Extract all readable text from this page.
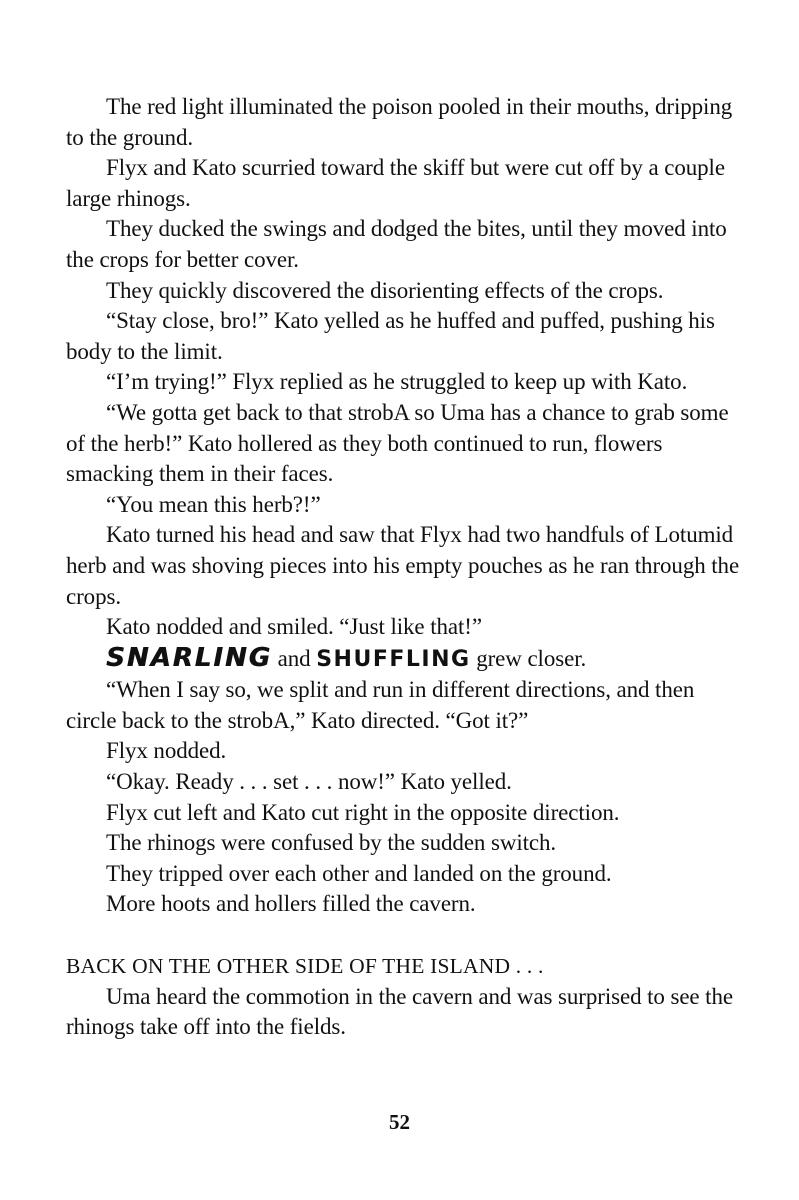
The red light illuminated the poison pooled in their mouths, dripping to the ground.

Flyx and Kato scurried toward the skiff but were cut off by a couple large rhinogs.

They ducked the swings and dodged the bites, until they moved into the crops for better cover.

They quickly discovered the disorienting effects of the crops.

“Stay close, bro!” Kato yelled as he huffed and puffed, pushing his body to the limit.

“I’m trying!” Flyx replied as he struggled to keep up with Kato.

“We gotta get back to that strobA so Uma has a chance to grab some of the herb!” Kato hollered as they both continued to run, flowers smacking them in their faces.

“You mean this herb?!”

Kato turned his head and saw that Flyx had two handfuls of Lotumid herb and was shoving pieces into his empty pouches as he ran through the crops.

Kato nodded and smiled. “Just like that!”

SNARLING and SHUFFLING grew closer.

“When I say so, we split and run in different directions, and then circle back to the strobA,” Kato directed. “Got it?”

Flyx nodded.

“Okay. Ready . . . set . . . now!” Kato yelled.

Flyx cut left and Kato cut right in the opposite direction.

The rhinogs were confused by the sudden switch.

They tripped over each other and landed on the ground.

More hoots and hollers filled the cavern.

BACK ON THE OTHER SIDE OF THE ISLAND . . .

Uma heard the commotion in the cavern and was surprised to see the rhinogs take off into the fields.

52
